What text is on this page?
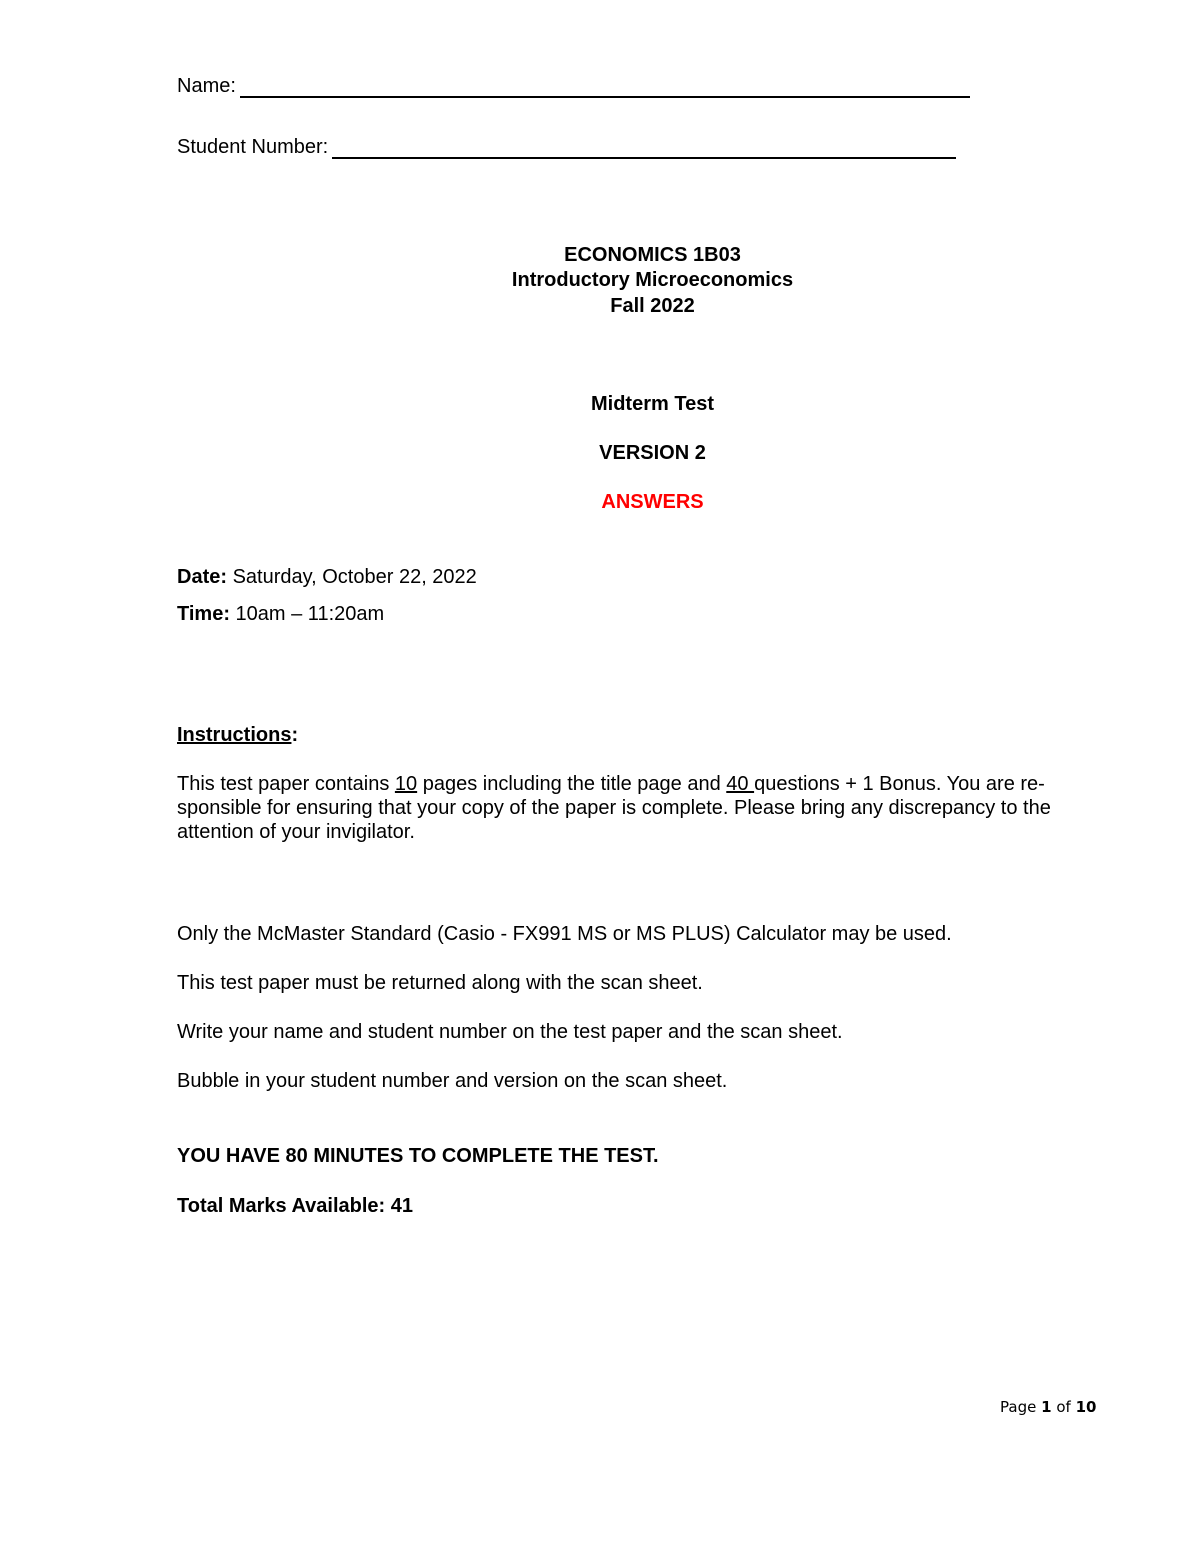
Name:
Student Number:
ECONOMICS 1B03
Introductory Microeconomics
Fall 2022
Midterm Test
VERSION 2
ANSWERS
Date: Saturday, October 22, 2022
Time: 10am – 11:20am
Instructions:
This test paper contains 10 pages including the title page and 40 questions + 1 Bonus. You are re-sponsible for ensuring that your copy of the paper is complete. Please bring any discrepancy to the attention of your invigilator.
Only the McMaster Standard (Casio - FX991 MS or MS PLUS) Calculator may be used.
This test paper must be returned along with the scan sheet.
Write your name and student number on the test paper and the scan sheet.
Bubble in your student number and version on the scan sheet.
YOU HAVE 80 MINUTES TO COMPLETE THE TEST.
Total Marks Available: 41
Page 1 of 10
